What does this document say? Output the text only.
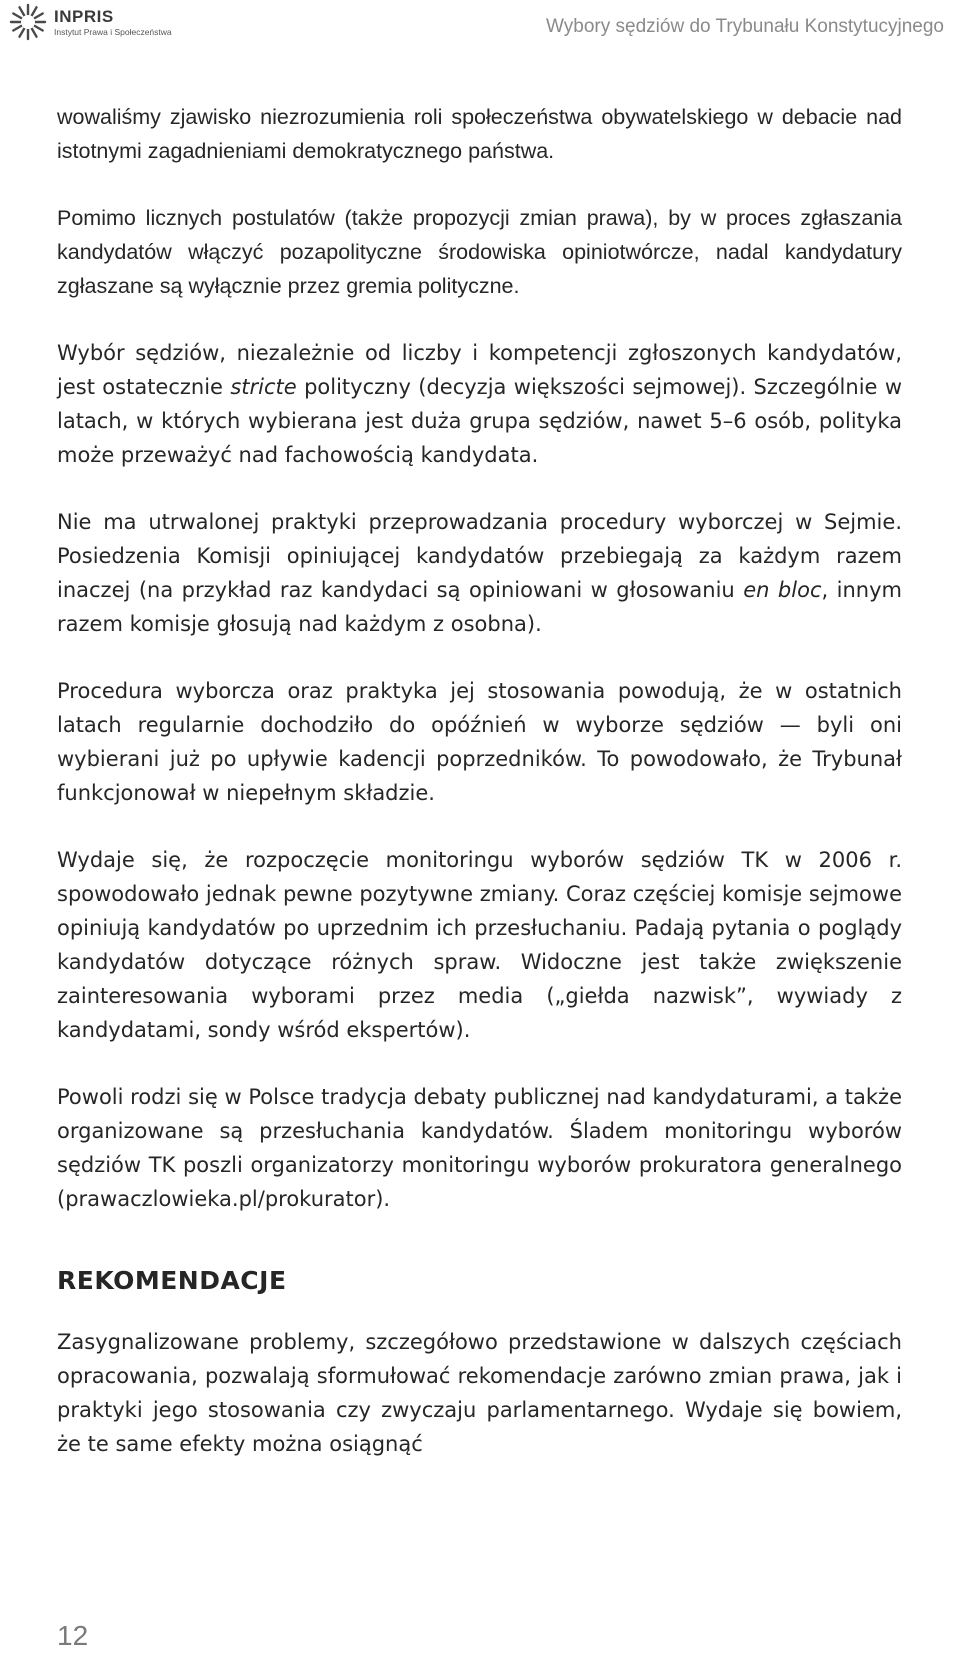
INPRIS
Instytut Prawa i Społeczeństwa	Wybory sędziów do Trybunału Konstytucyjnego

wowaliśmy zjawisko niezrozumienia roli społeczeństwa obywatelskiego w debacie nad istotnymi zagadnieniami demokratycznego państwa.

Pomimo licznych postulatów (także propozycji zmian prawa), by w proces zgłaszania kandydatów włączyć pozapolityczne środowiska opiniotwórcze, nadal kandydatury zgłaszane są wyłącznie przez gremia polityczne.

Wybór sędziów, niezależnie od liczby i kompetencji zgłoszonych kandydatów, jest ostatecznie stricte polityczny (decyzja większości sejmowej). Szczególnie w latach, w których wybierana jest duża grupa sędziów, nawet 5–6 osób, polityka może przeważyć nad fachowością kandydata.

Nie ma utrwalonej praktyki przeprowadzania procedury wyborczej w Sejmie. Posiedzenia Komisji opiniującej kandydatów przebiegają za każdym razem inaczej (na przykład raz kandydaci są opiniowani w głosowaniu en bloc, innym razem komisje głosują nad każdym z osobna).

Procedura wyborcza oraz praktyka jej stosowania powodują, że w ostatnich latach regularnie dochodziło do opóźnień w wyborze sędziów — byli oni wybierani już po upływie kadencji poprzedników. To powodowało, że Trybunał funkcjonował w niepełnym składzie.

Wydaje się, że rozpoczęcie monitoringu wyborów sędziów TK w 2006 r. spowodowało jednak pewne pozytywne zmiany. Coraz częściej komisje sejmowe opiniują kandydatów po uprzednim ich przesłuchaniu. Padają pytania o poglądy kandydatów dotyczące różnych spraw. Widoczne jest także zwiększenie zainteresowania wyborami przez media („giełda nazwisk”, wywiady z kandydatami, sondy wśród ekspertów).

Powoli rodzi się w Polsce tradycja debaty publicznej nad kandydaturami, a także organizowane są przesłuchania kandydatów. Śladem monitoringu wyborów sędziów TK poszli organizatorzy monitoringu wyborów prokuratora generalnego (prawaczlowieka.pl/prokurator).

REKOMENDACJE

Zasygnalizowane problemy, szczegółowo przedstawione w dalszych częściach opracowania, pozwalają sformułować rekomendacje zarówno zmian prawa, jak i praktyki jego stosowania czy zwyczaju parlamentarnego. Wydaje się bowiem, że te same efekty można osiągnąć

12
